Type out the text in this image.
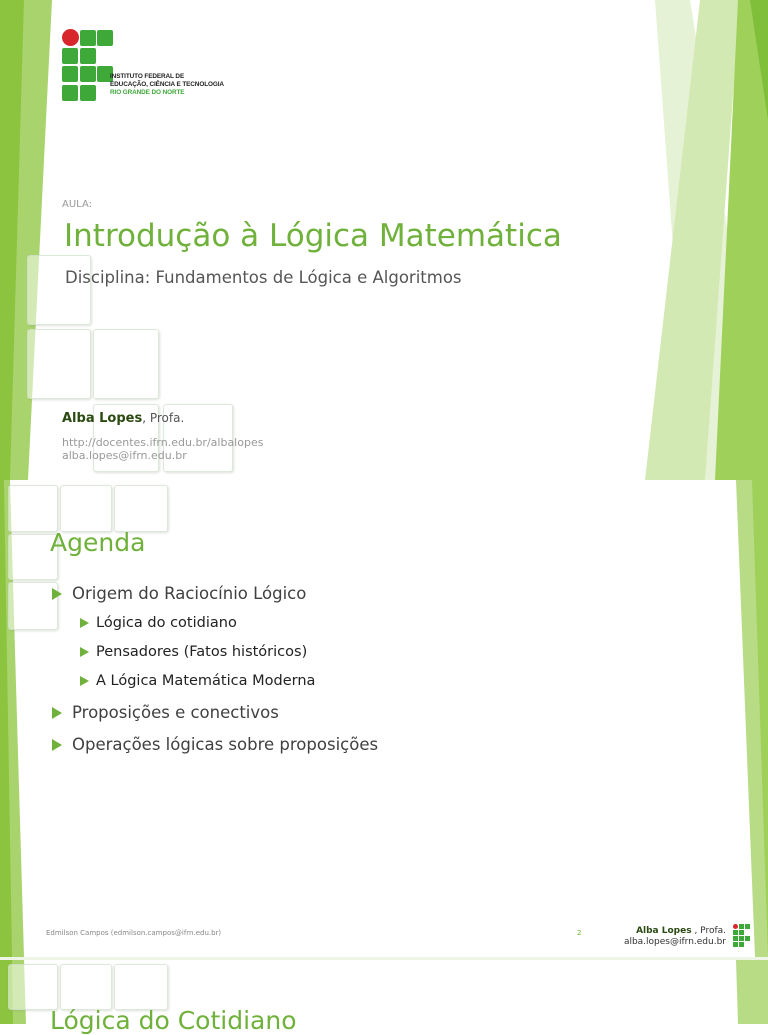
INSTITUTO FEDERAL DE
EDUCAÇÃO, CIÊNCIA E TECNOLOGIA
RIO GRANDE DO NORTE
AULA:
Introdução à Lógica Matemática
Disciplina: Fundamentos de Lógica e Algoritmos
Alba Lopes, Profa.
http://docentes.ifrn.edu.br/albalopes
alba.lopes@ifrn.edu.br
Agenda
Origem do Raciocínio Lógico
Lógica do cotidiano
Pensadores (Fatos históricos)
A Lógica Matemática Moderna
Proposições e conectivos
Operações lógicas sobre proposições
Edmilson Campos (edmilson.campos@ifrn.edu.br)	2	Alba Lopes , Profa.
alba.lopes@ifrn.edu.br
Lógica do Cotidiano
